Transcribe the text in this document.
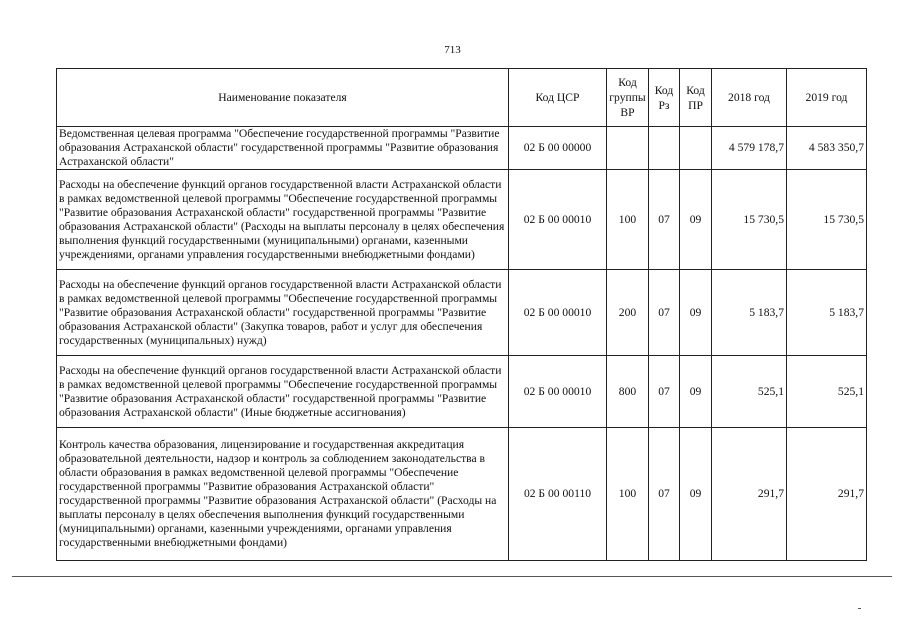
713
Наименование показателя	Код ЦСР	Код группы ВР	Код Рз	Код ПР	2018 год	2019 год
Ведомственная целевая программа "Обеспечение государственной программы "Развитие образования Астраханской области" государственной программы "Развитие образования Астраханской области"	02 Б 00 00000				4 579 178,7	4 583 350,7
Расходы на обеспечение функций органов государственной власти Астраханской области в рамках ведомственной целевой программы "Обеспечение государственной программы "Развитие образования Астраханской области" государственной программы "Развитие образования Астраханской области" (Расходы на выплаты персоналу в целях обеспечения выполнения функций государственными (муниципальными) органами, казенными учреждениями, органами управления государственными внебюджетными фондами)	02 Б 00 00010	100	07	09	15 730,5	15 730,5
Расходы на обеспечение функций органов государственной власти Астраханской области в рамках ведомственной целевой программы "Обеспечение государственной программы "Развитие образования Астраханской области" государственной программы "Развитие образования Астраханской области" (Закупка товаров, работ и услуг для обеспечения государственных (муниципальных) нужд)	02 Б 00 00010	200	07	09	5 183,7	5 183,7
Расходы на обеспечение функций органов государственной власти Астраханской области в рамках ведомственной целевой программы "Обеспечение государственной программы "Развитие образования Астраханской области" государственной программы "Развитие образования Астраханской области" (Иные бюджетные ассигнования)	02 Б 00 00010	800	07	09	525,1	525,1
Контроль качества образования, лицензирование и государственная аккредитация образовательной деятельности, надзор и контроль за соблюдением законодательства в области образования в рамках ведомственной целевой программы "Обеспечение государственной программы "Развитие образования Астраханской области" государственной программы "Развитие образования Астраханской области" (Расходы на выплаты персоналу в целях обеспечения выполнения функций государственными (муниципальными) органами, казенными учреждениями, органами управления государственными внебюджетными фондами)	02 Б 00 00110	100	07	09	291,7	291,7
